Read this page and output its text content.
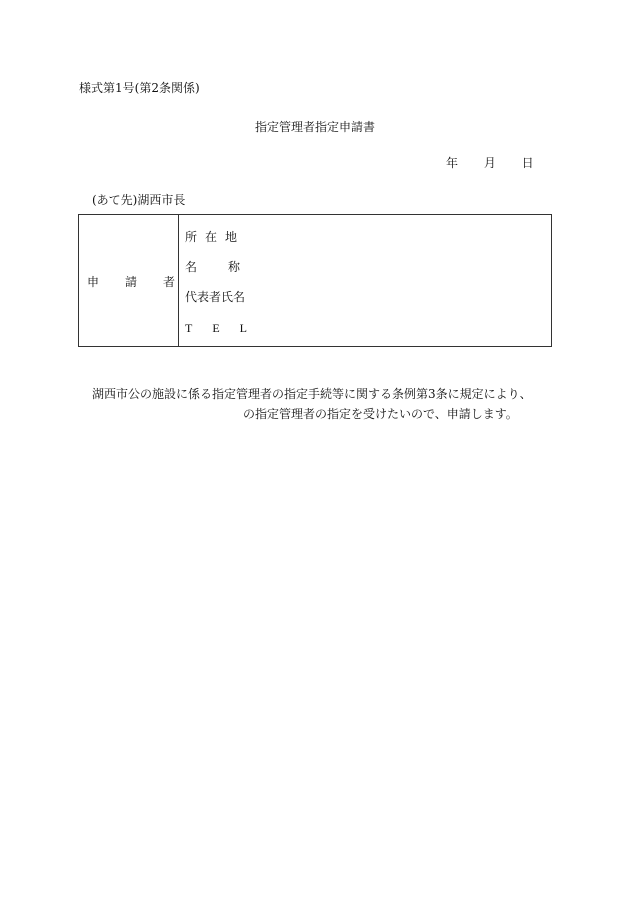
様式第1号(第2条関係)
指定管理者指定申請書
年 月 日
(あて先)湖西市長
申請者
所在地
名称
代表者氏名
TEL
湖西市公の施設に係る指定管理者の指定手続等に関する条例第3条に規定により、
の指定管理者の指定を受けたいので、申請します。
